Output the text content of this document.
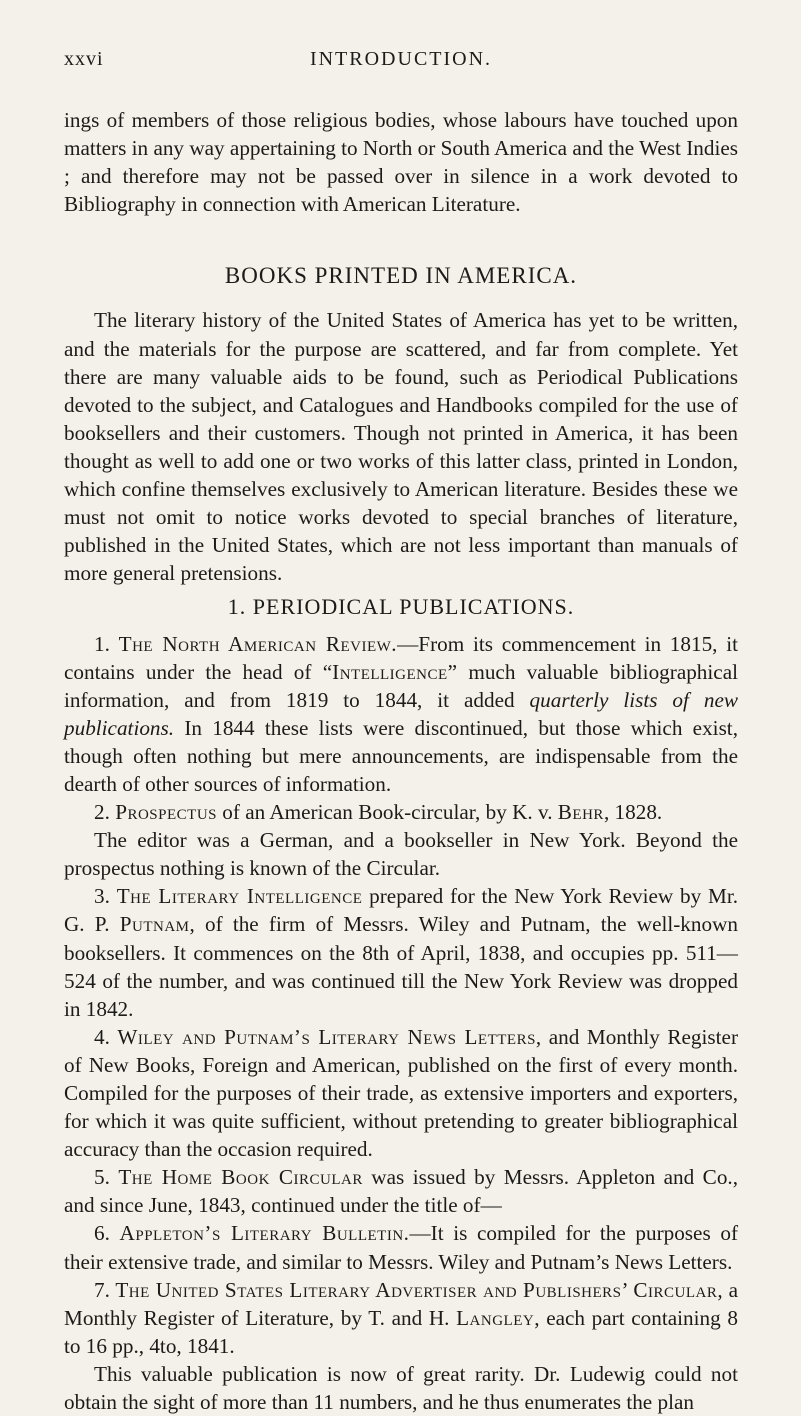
xxvi	INTRODUCTION.

ings of members of those religious bodies, whose labours have touched upon matters in any way appertaining to North or South America and the West Indies ; and therefore may not be passed over in silence in a work devoted to Bibliography in connection with American Literature.

BOOKS PRINTED IN AMERICA.

The literary history of the United States of America has yet to be written, and the materials for the purpose are scattered, and far from complete. Yet there are many valuable aids to be found, such as Periodical Publications devoted to the subject, and Catalogues and Handbooks compiled for the use of booksellers and their customers. Though not printed in America, it has been thought as well to add one or two works of this latter class, printed in London, which confine themselves exclusively to American literature. Besides these we must not omit to notice works devoted to special branches of literature, published in the United States, which are not less important than manuals of more general pretensions.

1. PERIODICAL PUBLICATIONS.

1. The North American Review.—From its commencement in 1815, it contains under the head of “Intelligence” much valuable bibliographical information, and from 1819 to 1844, it added quarterly lists of new publications. In 1844 these lists were discontinued, but those which exist, though often nothing but mere announcements, are indispensable from the dearth of other sources of information.

2. Prospectus of an American Book-circular, by K. v. Behr, 1828.

The editor was a German, and a bookseller in New York. Beyond the prospectus nothing is known of the Circular.

3. The Literary Intelligence prepared for the New York Review by Mr. G. P. Putnam, of the firm of Messrs. Wiley and Putnam, the well-known booksellers. It commences on the 8th of April, 1838, and occupies pp. 511—524 of the number, and was continued till the New York Review was dropped in 1842.

4. Wiley and Putnam’s Literary News Letters, and Monthly Register of New Books, Foreign and American, published on the first of every month. Compiled for the purposes of their trade, as extensive importers and exporters, for which it was quite sufficient, without pretending to greater bibliographical accuracy than the occasion required.

5. The Home Book Circular was issued by Messrs. Appleton and Co., and since June, 1843, continued under the title of—

6. Appleton’s Literary Bulletin.—It is compiled for the purposes of their extensive trade, and similar to Messrs. Wiley and Putnam’s News Letters.

7. The United States Literary Advertiser and Publishers’ Circular, a Monthly Register of Literature, by T. and H. Langley, each part containing 8 to 16 pp., 4to, 1841.

This valuable publication is now of great rarity. Dr. Ludewig could not obtain the sight of more than 11 numbers, and he thus enumerates the plan
